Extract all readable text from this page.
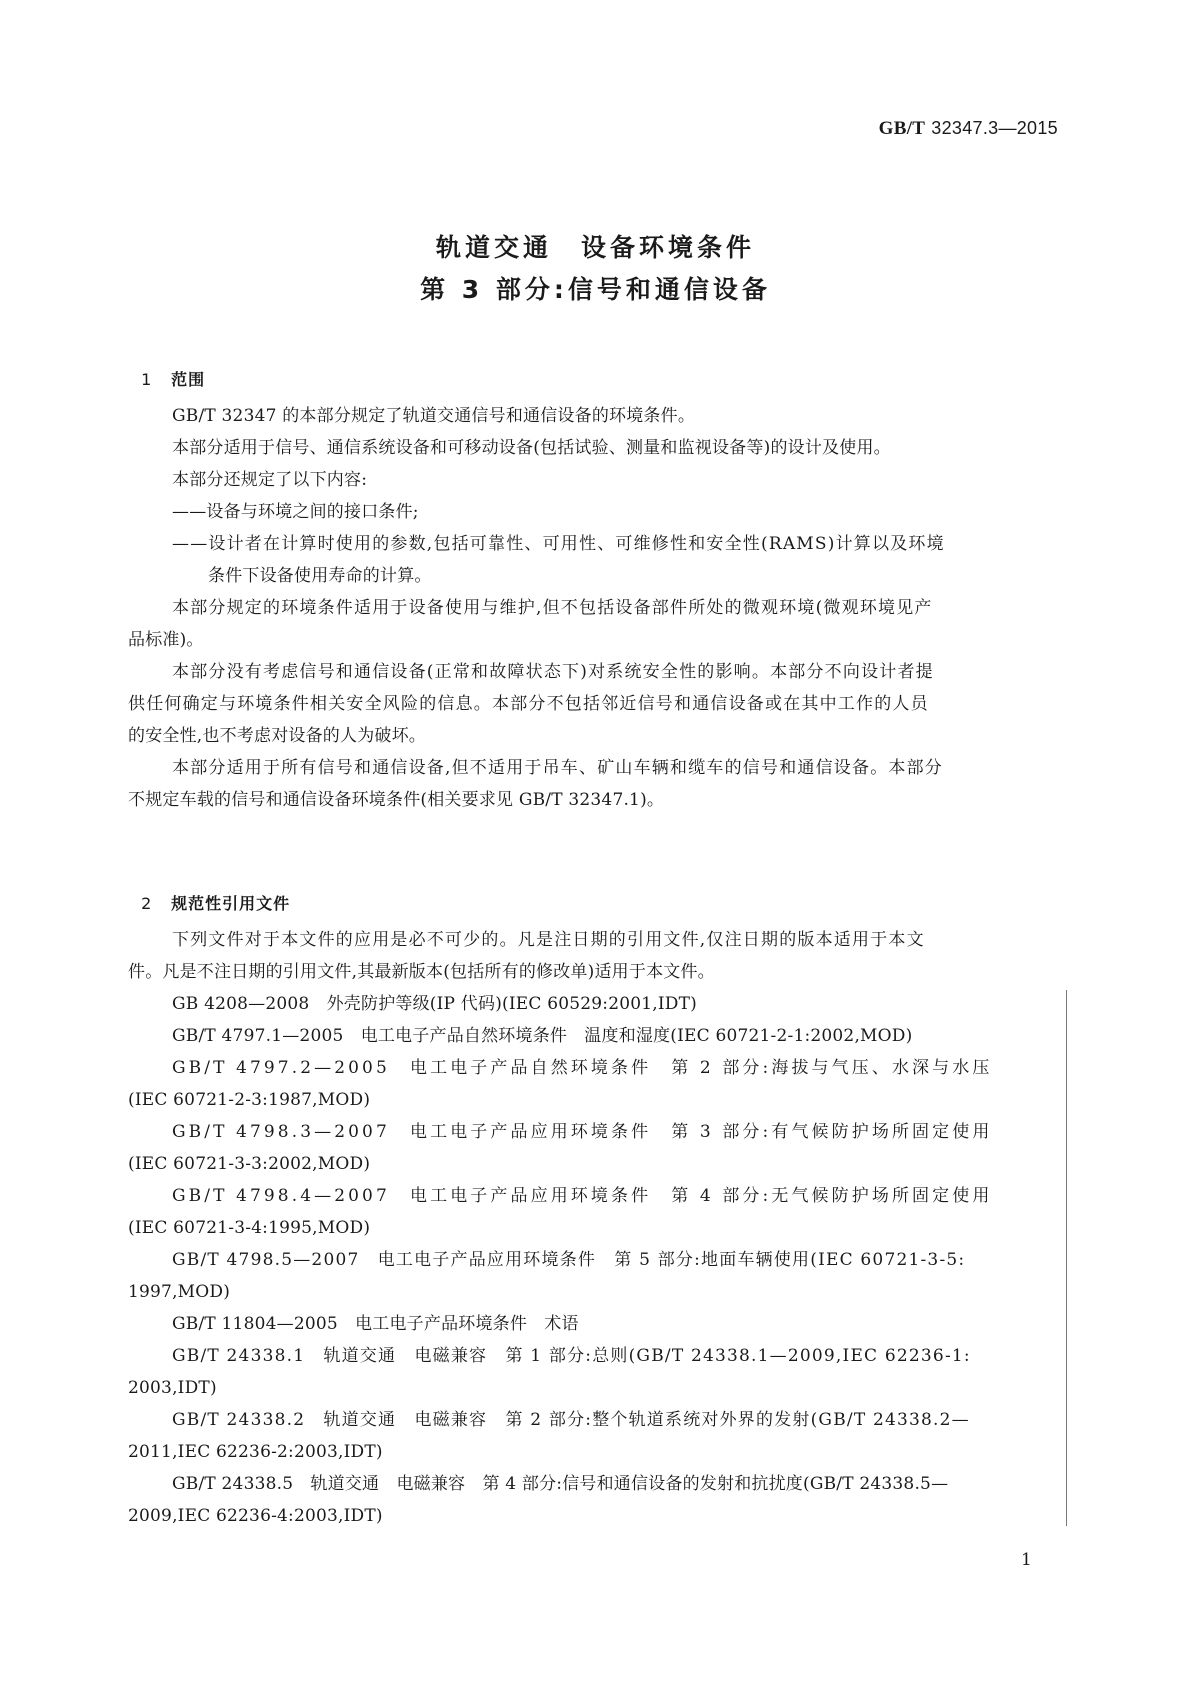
GB/T 32347.3—2015
轨道交通　设备环境条件
第 3 部分:信号和通信设备

1 范围

GB/T 32347 的本部分规定了轨道交通信号和通信设备的环境条件。
本部分适用于信号、通信系统设备和可移动设备(包括试验、测量和监视设备等)的设计及使用。
本部分还规定了以下内容:
——设备与环境之间的接口条件;
——设计者在计算时使用的参数,包括可靠性、可用性、可维修性和安全性(RAMS)计算以及环境
条件下设备使用寿命的计算。
本部分规定的环境条件适用于设备使用与维护,但不包括设备部件所处的微观环境(微观环境见产
品标准)。
本部分没有考虑信号和通信设备(正常和故障状态下)对系统安全性的影响。本部分不向设计者提
供任何确定与环境条件相关安全风险的信息。本部分不包括邻近信号和通信设备或在其中工作的人员
的安全性,也不考虑对设备的人为破坏。
本部分适用于所有信号和通信设备,但不适用于吊车、矿山车辆和缆车的信号和通信设备。本部分
不规定车载的信号和通信设备环境条件(相关要求见 GB/T 32347.1)。

2 规范性引用文件

下列文件对于本文件的应用是必不可少的。凡是注日期的引用文件,仅注日期的版本适用于本文
件。凡是不注日期的引用文件,其最新版本(包括所有的修改单)适用于本文件。
GB 4208—2008　外壳防护等级(IP 代码)(IEC 60529:2001,IDT)
GB/T 4797.1—2005　电工电子产品自然环境条件　温度和湿度(IEC 60721-2-1:2002,MOD)
GB/T 4797.2—2005　电工电子产品自然环境条件　第 2 部分:海拔与气压、水深与水压
(IEC 60721-2-3:1987,MOD)
GB/T 4798.3—2007　电工电子产品应用环境条件　第 3 部分:有气候防护场所固定使用
(IEC 60721-3-3:2002,MOD)
GB/T 4798.4—2007　电工电子产品应用环境条件　第 4 部分:无气候防护场所固定使用
(IEC 60721-3-4:1995,MOD)
GB/T 4798.5—2007　电工电子产品应用环境条件　第 5 部分:地面车辆使用(IEC 60721-3-5:
1997,MOD)
GB/T 11804—2005　电工电子产品环境条件　术语
GB/T 24338.1　轨道交通　电磁兼容　第 1 部分:总则(GB/T 24338.1—2009,IEC 62236-1:
2003,IDT)
GB/T 24338.2　轨道交通　电磁兼容　第 2 部分:整个轨道系统对外界的发射(GB/T 24338.2—
2011,IEC 62236-2:2003,IDT)
GB/T 24338.5　轨道交通　电磁兼容　第 4 部分:信号和通信设备的发射和抗扰度(GB/T 24338.5—
2009,IEC 62236-4:2003,IDT)
1
